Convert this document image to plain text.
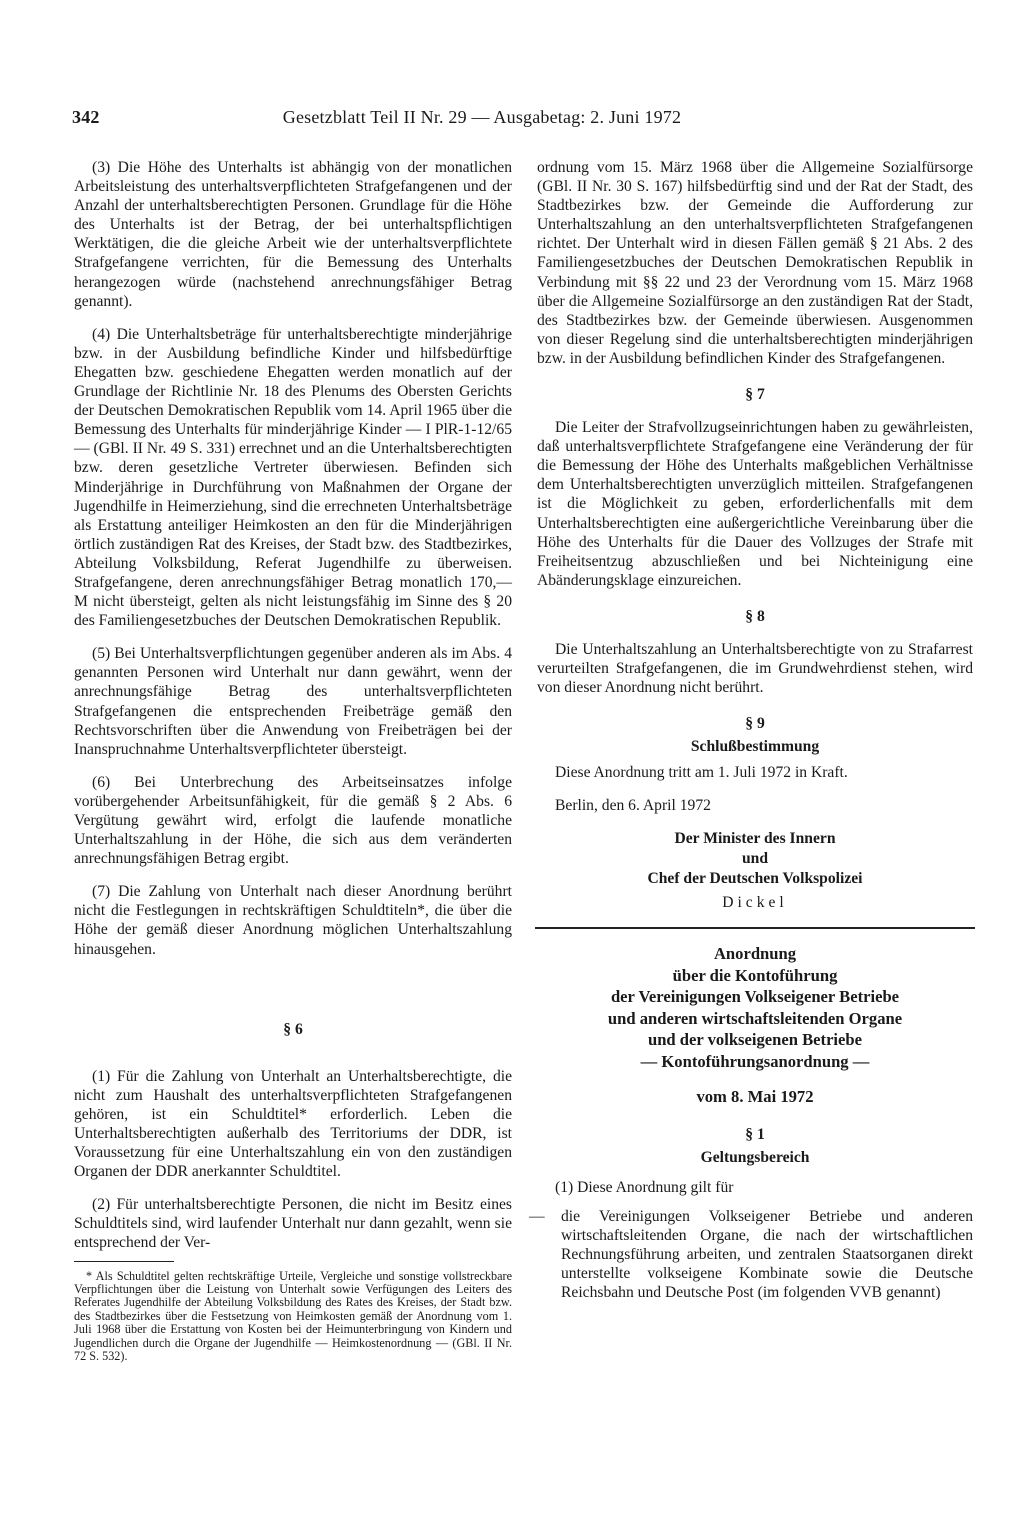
342	Gesetzblatt Teil II Nr. 29 — Ausgabetag: 2. Juni 1972

(3) Die Höhe des Unterhalts ist abhängig von der monatlichen Arbeitsleistung des unterhaltsverpflichteten Strafgefangenen und der Anzahl der unterhaltsberechtigten Personen. Grundlage für die Höhe des Unterhalts ist der Betrag, der bei unterhaltspflichtigen Werktätigen, die die gleiche Arbeit wie der unterhaltsverpflichtete Strafgefangene verrichten, für die Bemessung des Unterhalts herangezogen würde (nachstehend anrechnungsfähiger Betrag genannt).

(4) Die Unterhaltsbeträge für unterhaltsberechtigte minderjährige bzw. in der Ausbildung befindliche Kinder und hilfsbedürftige Ehegatten bzw. geschiedene Ehegatten werden monatlich auf der Grundlage der Richtlinie Nr. 18 des Plenums des Obersten Gerichts der Deutschen Demokratischen Republik vom 14. April 1965 über die Bemessung des Unterhalts für minderjährige Kinder — I PlR-1-12/65 — (GBl. II Nr. 49 S. 331) errechnet und an die Unterhaltsberechtigten bzw. deren gesetzliche Vertreter überwiesen. Befinden sich Minderjährige in Durchführung von Maßnahmen der Organe der Jugendhilfe in Heimerziehung, sind die errechneten Unterhaltsbeträge als Erstattung anteiliger Heimkosten an den für die Minderjährigen örtlich zuständigen Rat des Kreises, der Stadt bzw. des Stadtbezirkes, Abteilung Volksbildung, Referat Jugendhilfe zu überweisen. Strafgefangene, deren anrechnungsfähiger Betrag monatlich 170,— M nicht übersteigt, gelten als nicht leistungsfähig im Sinne des § 20 des Familiengesetzbuches der Deutschen Demokratischen Republik.

(5) Bei Unterhaltsverpflichtungen gegenüber anderen als im Abs. 4 genannten Personen wird Unterhalt nur dann gewährt, wenn der anrechnungsfähige Betrag des unterhaltsverpflichteten Strafgefangenen die entsprechenden Freibeträge gemäß den Rechtsvorschriften über die Anwendung von Freibeträgen bei der Inanspruchnahme Unterhaltsverpflichteter übersteigt.

(6) Bei Unterbrechung des Arbeitseinsatzes infolge vorübergehender Arbeitsunfähigkeit, für die gemäß § 2 Abs. 6 Vergütung gewährt wird, erfolgt die laufende monatliche Unterhaltszahlung in der Höhe, die sich aus dem veränderten anrechnungsfähigen Betrag ergibt.

(7) Die Zahlung von Unterhalt nach dieser Anordnung berührt nicht die Festlegungen in rechtskräftigen Schuldtiteln*, die über die Höhe der gemäß dieser Anordnung möglichen Unterhaltszahlung hinausgehen.

§ 6

(1) Für die Zahlung von Unterhalt an Unterhaltsberechtigte, die nicht zum Haushalt des unterhaltsverpflichteten Strafgefangenen gehören, ist ein Schuldtitel* erforderlich. Leben die Unterhaltsberechtigten außerhalb des Territoriums der DDR, ist Voraussetzung für eine Unterhaltszahlung ein von den zuständigen Organen der DDR anerkannter Schuldtitel.

(2) Für unterhaltsberechtigte Personen, die nicht im Besitz eines Schuldtitels sind, wird laufender Unterhalt nur dann gezahlt, wenn sie entsprechend der Ver-

* Als Schuldtitel gelten rechtskräftige Urteile, Vergleiche und sonstige vollstreckbare Verpflichtungen über die Leistung von Unterhalt sowie Verfügungen des Leiters des Referates Jugendhilfe der Abteilung Volksbildung des Rates des Kreises, der Stadt bzw. des Stadtbezirkes über die Festsetzung von Heimkosten gemäß der Anordnung vom 1. Juli 1968 über die Erstattung von Kosten bei der Heimunterbringung von Kindern und Jugendlichen durch die Organe der Jugendhilfe — Heimkostenordnung — (GBl. II Nr. 72 S. 532).

ordnung vom 15. März 1968 über die Allgemeine Sozialfürsorge (GBl. II Nr. 30 S. 167) hilfsbedürftig sind und der Rat der Stadt, des Stadtbezirkes bzw. der Gemeinde die Aufforderung zur Unterhaltszahlung an den unterhaltsverpflichteten Strafgefangenen richtet. Der Unterhalt wird in diesen Fällen gemäß § 21 Abs. 2 des Familiengesetzbuches der Deutschen Demokratischen Republik in Verbindung mit §§ 22 und 23 der Verordnung vom 15. März 1968 über die Allgemeine Sozialfürsorge an den zuständigen Rat der Stadt, des Stadtbezirkes bzw. der Gemeinde überwiesen. Ausgenommen von dieser Regelung sind die unterhaltsberechtigten minderjährigen bzw. in der Ausbildung befindlichen Kinder des Strafgefangenen.

§ 7

Die Leiter der Strafvollzugseinrichtungen haben zu gewährleisten, daß unterhaltsverpflichtete Strafgefangene eine Veränderung der für die Bemessung der Höhe des Unterhalts maßgeblichen Verhältnisse dem Unterhaltsberechtigten unverzüglich mitteilen. Strafgefangenen ist die Möglichkeit zu geben, erforderlichenfalls mit dem Unterhaltsberechtigten eine außergerichtliche Vereinbarung über die Höhe des Unterhalts für die Dauer des Vollzuges der Strafe mit Freiheitsentzug abzuschließen und bei Nichteinigung eine Abänderungsklage einzureichen.

§ 8

Die Unterhaltszahlung an Unterhaltsberechtigte von zu Strafarrest verurteilten Strafgefangenen, die im Grundwehrdienst stehen, wird von dieser Anordnung nicht berührt.

§ 9
Schlußbestimmung

Diese Anordnung tritt am 1. Juli 1972 in Kraft.

Berlin, den 6. April 1972

Der Minister des Innern
und
Chef der Deutschen Volkspolizei
Dickel
Anordnung
über die Kontoführung
der Vereinigungen Volkseigener Betriebe
und anderen wirtschaftsleitenden Organe
und der volkseigenen Betriebe
— Kontoführungsanordnung —
vom 8. Mai 1972
§ 1
Geltungsbereich

(1) Diese Anordnung gilt für

— die Vereinigungen Volkseigener Betriebe und anderen wirtschaftsleitenden Organe, die nach der wirtschaftlichen Rechnungsführung arbeiten, und zentralen Staatsorganen direkt unterstellte volkseigene Kombinate sowie die Deutsche Reichsbahn und Deutsche Post (im folgenden VVB genannt)
